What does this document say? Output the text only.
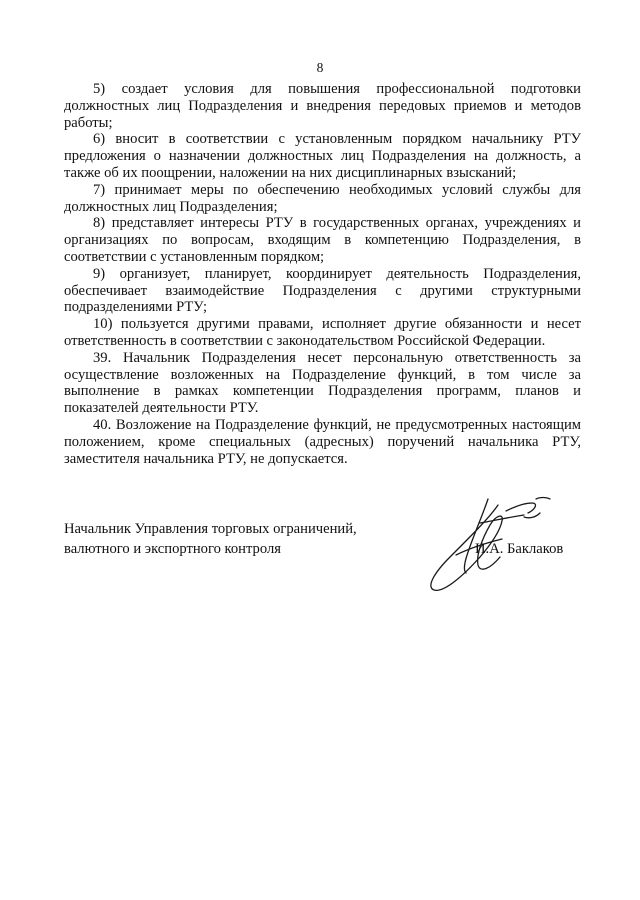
8

5) создает условия для повышения профессиональной подготовки должностных лиц Подразделения и внедрения передовых приемов и методов работы;

6) вносит в соответствии с установленным порядком начальнику РТУ предложения о назначении должностных лиц Подразделения на должность, а также об их поощрении, наложении на них дисциплинарных взысканий;

7) принимает меры по обеспечению необходимых условий службы для должностных лиц Подразделения;

8) представляет интересы РТУ в государственных органах, учреждениях и организациях по вопросам, входящим в компетенцию Подразделения, в соответствии с установленным порядком;

9) организует, планирует, координирует деятельность Подразделения, обеспечивает взаимодействие Подразделения с другими структурными подразделениями РТУ;

10) пользуется другими правами, исполняет другие обязанности и несет ответственность в соответствии с законодательством Российской Федерации.

39. Начальник Подразделения несет персональную ответственность за осуществление возложенных на Подразделение функций, в том числе за выполнение в рамках компетенции Подразделения программ, планов и показателей деятельности РТУ.

40. Возложение на Подразделение функций, не предусмотренных настоящим положением, кроме специальных (адресных) поручений начальника РТУ, заместителя начальника РТУ, не допускается.

Начальник Управления торговых ограничений,
валютного и экспортного контроля	И.А. Баклаков
